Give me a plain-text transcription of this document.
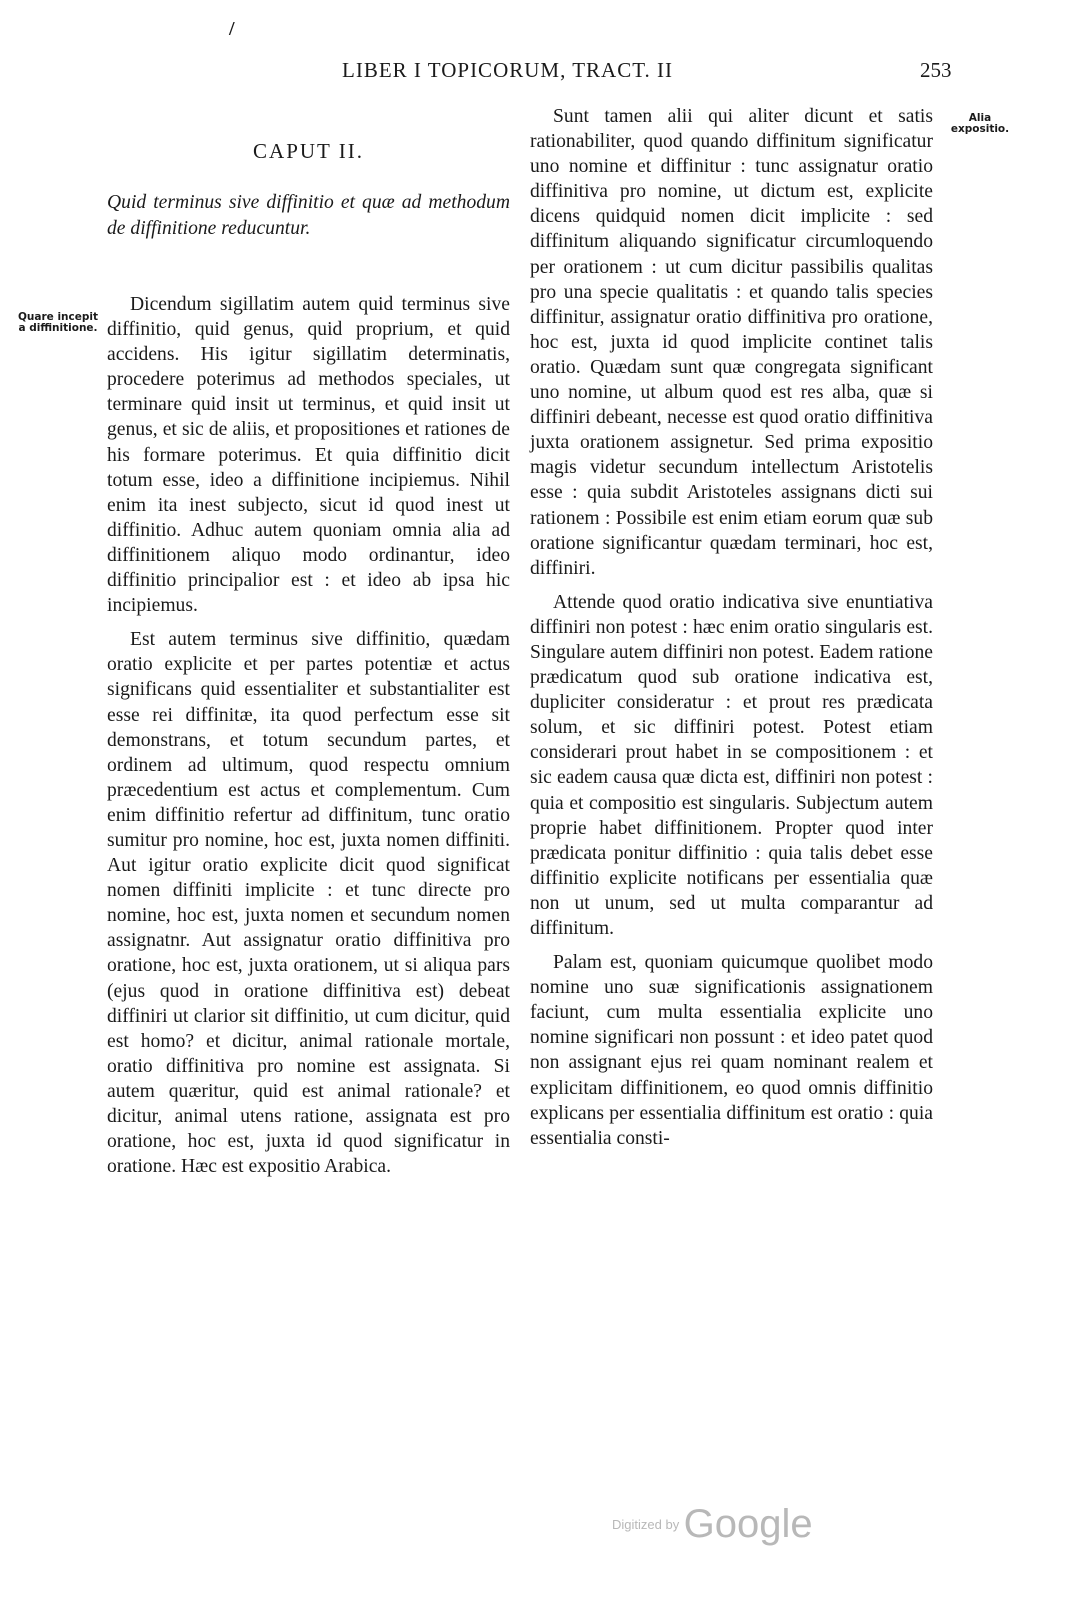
/
LIBER I TOPICORUM, TRACT. II	253
Alia expositio.
Quare incepit a diffinitione.
CAPUT II.
Quid terminus sive diffinitio et quæ ad methodum de diffinitione reducuntur.

Dicendum sigillatim autem quid terminus sive diffinitio, quid genus, quid proprium, et quid accidens. His igitur sigillatim determinatis, procedere poterimus ad methodos speciales, ut terminare quid insit ut terminus, et quid insit ut genus, et sic de aliis, et propositiones et rationes de his formare poterimus. Et quia diffinitio dicit totum esse, ideo a diffinitione incipiemus. Nihil enim ita inest subjecto, sicut id quod inest ut diffinitio. Adhuc autem quoniam omnia alia ad diffinitionem aliquo modo ordinantur, ideo diffinitio principalior est : et ideo ab ipsa hic incipiemus.

Est autem terminus sive diffinitio, quædam oratio explicite et per partes potentiæ et actus significans quid essentialiter et substantialiter est esse rei diffinitæ, ita quod perfectum esse sit demonstrans, et totum secundum partes, et ordinem ad ultimum, quod respectu omnium præcedentium est actus et complementum. Cum enim diffinitio refertur ad diffinitum, tunc oratio sumitur pro nomine, hoc est, juxta nomen diffiniti. Aut igitur oratio explicite dicit quod significat nomen diffiniti implicite : et tunc directe pro nomine, hoc est, juxta nomen et secundum nomen assignatnr. Aut assignatur oratio diffinitiva pro oratione, hoc est, juxta orationem, ut si aliqua pars (ejus quod in oratione diffinitiva est) debeat diffiniri ut clarior sit diffinitio, ut cum dicitur, quid est homo? et dicitur, animal rationale mortale, oratio diffinitiva pro nomine est assignata. Si autem quæritur, quid est animal rationale? et dicitur, animal utens ratione, assignata est pro oratione, hoc est, juxta id quod significatur in oratione. Hæc est expositio Arabica.

Sunt tamen alii qui aliter dicunt et satis rationabiliter, quod quando diffinitum significatur uno nomine et diffinitur : tunc assignatur oratio diffinitiva pro nomine, ut dictum est, explicite dicens quidquid nomen dicit implicite : sed diffinitum aliquando significatur circumloquendo per orationem : ut cum dicitur passibilis qualitas pro una specie qualitatis : et quando talis species diffinitur, assignatur oratio diffinitiva pro oratione, hoc est, juxta id quod implicite continet talis oratio. Quædam sunt quæ congregata significant uno nomine, ut album quod est res alba, quæ si diffiniri debeant, necesse est quod oratio diffinitiva juxta orationem assignetur. Sed prima expositio magis videtur secundum intellectum Aristotelis esse : quia subdit Aristoteles assignans dicti sui rationem : Possibile est enim etiam eorum quæ sub oratione significantur quædam terminari, hoc est, diffiniri.

Attende quod oratio indicativa sive enuntiativa diffiniri non potest : hæc enim oratio singularis est. Singulare autem diffiniri non potest. Eadem ratione prædicatum quod sub oratione indicativa est, dupliciter consideratur : et prout res prædicata solum, et sic diffiniri potest. Potest etiam considerari prout habet in se compositionem : et sic eadem causa quæ dicta est, diffiniri non potest : quia et compositio est singularis. Subjectum autem proprie habet diffinitionem. Propter quod inter prædicata ponitur diffinitio : quia talis debet esse diffinitio explicite notificans per essentialia quæ non ut unum, sed ut multa comparantur ad diffinitum.

Palam est, quoniam quicumque quolibet modo nomine uno suæ significationis assignationem faciunt, cum multa essentialia explicite uno nomine significari non possunt : et ideo patet quod non assignant ejus rei quam nominant realem et explicitam diffinitionem, eo quod omnis diffinitio explicans per essentialia diffinitum est oratio : quia essentialia consti-

$^{Digitized by}$ Google
